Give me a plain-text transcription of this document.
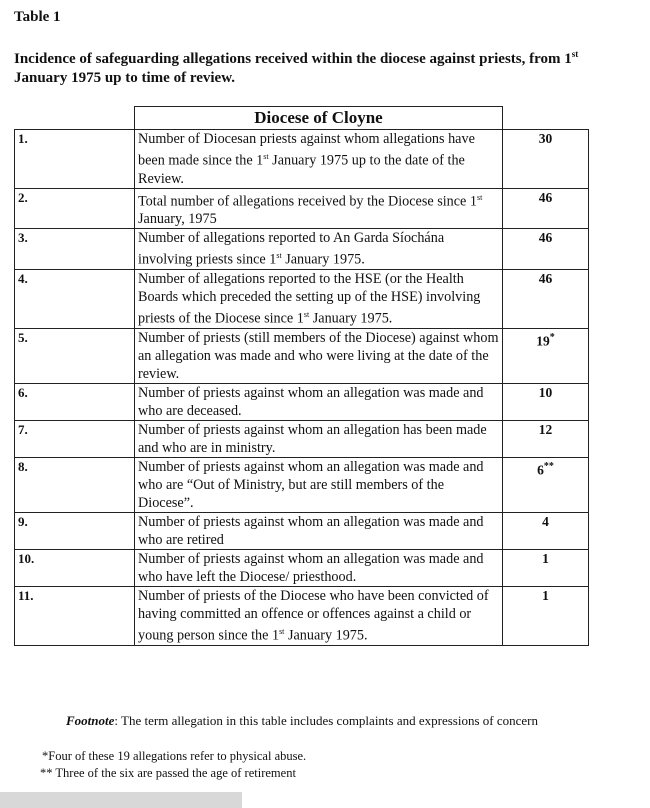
Table 1
Incidence of safeguarding allegations received within the diocese against priests, from 1st January 1975 up to time of review.
	Diocese of Cloyne	
1.	Number of Diocesan priests against whom allegations have been made since the 1st January 1975 up to the date of the Review.	30
2.	Total number of allegations received by the Diocese since 1st January, 1975	46
3.	Number of allegations reported to An Garda Síochána involving priests since 1st January 1975.	46
4.	Number of allegations reported to the HSE (or the Health Boards which preceded the setting up of the HSE) involving priests of the Diocese since 1st January 1975.	46
5.	Number of priests (still members of the Diocese) against whom an allegation was made and who were living at the date of the review.	19*
6.	Number of priests against whom an allegation was made and who are deceased.	10
7.	Number of priests against whom an allegation has been made and who are in ministry.	12
8.	Number of priests against whom an allegation was made and who are “Out of Ministry, but are still members of the Diocese”.	6**
9.	Number of priests against whom an allegation was made and who are retired	4
10.	Number of priests against whom an allegation was made and who have left the Diocese/ priesthood.	1
11.	Number of priests of the Diocese who have been convicted of having committed an offence or offences against a child or young person since the 1st January 1975.	1
Footnote: The term allegation in this table includes complaints and expressions of concern
*Four of these 19 allegations refer to physical abuse.
** Three of the six are passed the age of retirement
